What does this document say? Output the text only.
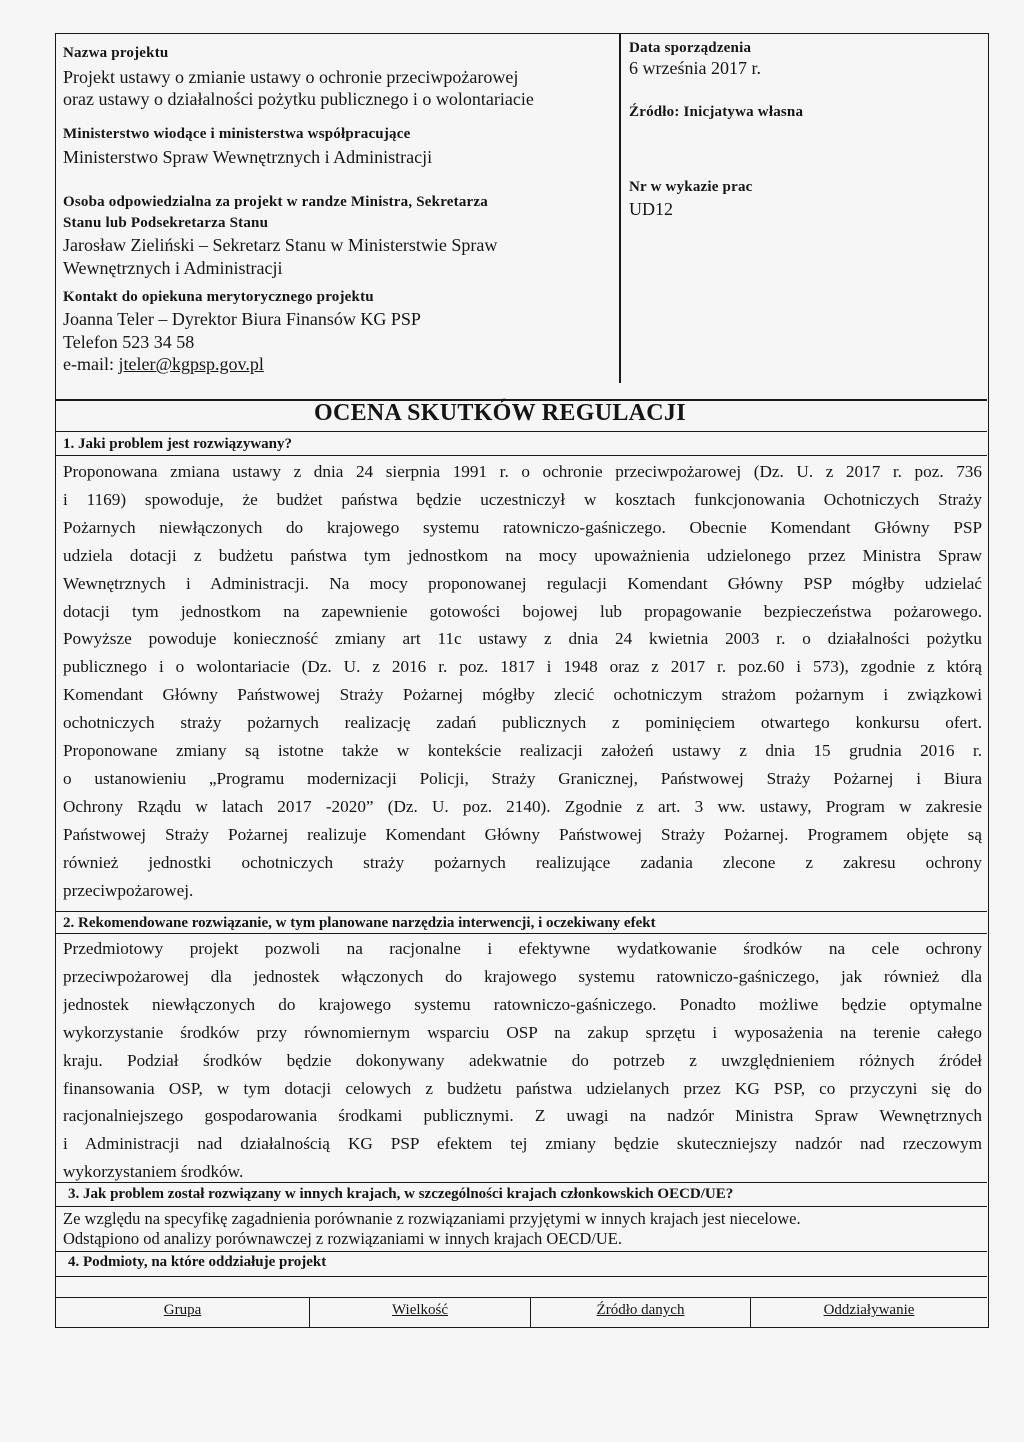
Nazwa projektu
Projekt ustawy o zmianie ustawy o ochronie przeciwpożarowej
oraz ustawy o działalności pożytku publicznego i o wolontariacie
Ministerstwo wiodące i ministerstwa współpracujące
Ministerstwo Spraw Wewnętrznych i Administracji
Osoba odpowiedzialna za projekt w randze Ministra, Sekretarza
Stanu lub Podsekretarza Stanu
Jarosław Zieliński – Sekretarz Stanu w Ministerstwie Spraw
Wewnętrznych i Administracji
Kontakt do opiekuna merytorycznego projektu
Joanna Teler – Dyrektor Biura Finansów KG PSP
Telefon 523 34 58
e-mail: jteler@kgpsp.gov.pl
Data sporządzenia
6 września 2017 r.
Źródło: Inicjatywa własna
Nr w wykazie prac
UD12
OCENA SKUTKÓW REGULACJI
1. Jaki problem jest rozwiązywany?
Proponowana zmiana ustawy z dnia 24 sierpnia 1991 r. o ochronie przeciwpożarowej (Dz. U. z 2017 r. poz. 736
i 1169) spowoduje, że budżet państwa będzie uczestniczył w kosztach funkcjonowania Ochotniczych Straży
Pożarnych niewłączonych do krajowego systemu ratowniczo-gaśniczego. Obecnie Komendant Główny PSP
udziela dotacji z budżetu państwa tym jednostkom na mocy upoważnienia udzielonego przez Ministra Spraw
Wewnętrznych i Administracji. Na mocy proponowanej regulacji Komendant Główny PSP mógłby udzielać
dotacji tym jednostkom na zapewnienie gotowości bojowej lub propagowanie bezpieczeństwa pożarowego.
Powyższe powoduje konieczność zmiany art 11c ustawy z dnia 24 kwietnia 2003 r. o działalności pożytku
publicznego i o wolontariacie (Dz. U. z 2016 r. poz. 1817 i 1948 oraz z 2017 r. poz.60 i 573), zgodnie z którą
Komendant Główny Państwowej Straży Pożarnej mógłby zlecić ochotniczym strażom pożarnym i związkowi
ochotniczych straży pożarnych realizację zadań publicznych z pominięciem otwartego konkursu ofert.
Proponowane zmiany są istotne także w kontekście realizacji założeń ustawy z dnia 15 grudnia 2016 r.
o ustanowieniu „Programu modernizacji Policji, Straży Granicznej, Państwowej Straży Pożarnej i Biura
Ochrony Rządu w latach 2017 -2020” (Dz. U. poz. 2140). Zgodnie z art. 3 ww. ustawy, Program w zakresie
Państwowej Straży Pożarnej realizuje Komendant Główny Państwowej Straży Pożarnej. Programem objęte są
również jednostki ochotniczych straży pożarnych realizujące zadania zlecone z zakresu ochrony
przeciwpożarowej.
2. Rekomendowane rozwiązanie, w tym planowane narzędzia interwencji, i oczekiwany efekt
Przedmiotowy projekt pozwoli na racjonalne i efektywne wydatkowanie środków na cele ochrony
przeciwpożarowej dla jednostek włączonych do krajowego systemu ratowniczo-gaśniczego, jak również dla
jednostek niewłączonych do krajowego systemu ratowniczo-gaśniczego. Ponadto możliwe będzie optymalne
wykorzystanie środków przy równomiernym wsparciu OSP na zakup sprzętu i wyposażenia na terenie całego
kraju. Podział środków będzie dokonywany adekwatnie do potrzeb z uwzględnieniem różnych źródeł
finansowania OSP, w tym dotacji celowych z budżetu państwa udzielanych przez KG PSP, co przyczyni się do
racjonalniejszego gospodarowania środkami publicznymi. Z uwagi na nadzór Ministra Spraw Wewnętrznych
i Administracji nad działalnością KG PSP efektem tej zmiany będzie skuteczniejszy nadzór nad rzeczowym
wykorzystaniem środków.
3. Jak problem został rozwiązany w innych krajach, w szczególności krajach członkowskich OECD/UE?
Ze względu na specyfikę zagadnienia porównanie z rozwiązaniami przyjętymi w innych krajach jest niecelowe.
Odstąpiono od analizy porównawczej z rozwiązaniami w innych krajach OECD/UE.
4. Podmioty, na które oddziałuje projekt
Grupa	Wielkość	Źródło danych	Oddziaływanie
